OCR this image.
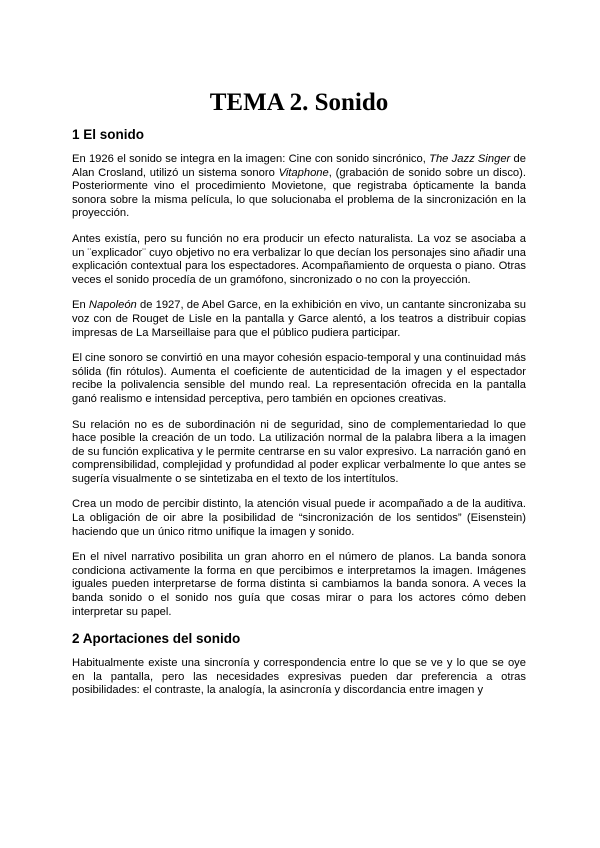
TEMA 2. Sonido
1 El sonido

En 1926 el sonido se integra en la imagen: Cine con sonido sincrónico, The Jazz Singer de Alan Crosland, utilizó un sistema sonoro Vitaphone, (grabación de sonido sobre un disco). Posteriormente vino el procedimiento Movietone, que registraba ópticamente la banda sonora sobre la misma película, lo que solucionaba el problema de la sincronización en la proyección.

Antes existía, pero su función no era producir un efecto naturalista. La voz se asociaba a un ¨explicador¨ cuyo objetivo no era verbalizar lo que decían los personajes sino añadir una explicación contextual para los espectadores. Acompañamiento de orquesta o piano. Otras veces el sonido procedía de un gramófono, sincronizado o no con la proyección.

En Napoleón de 1927, de Abel Garce, en la exhibición en vivo, un cantante sincronizaba su voz con de Rouget de Lisle en la pantalla y Garce alentó, a los teatros a distribuir copias impresas de La Marseillaise para que el público pudiera participar.

El cine sonoro se convirtió en una mayor cohesión espacio-temporal y una continuidad más sólida (fin rótulos). Aumenta el coeficiente de autenticidad de la imagen y el espectador recibe la polivalencia sensible del mundo real. La representación ofrecida en la pantalla ganó realismo e intensidad perceptiva, pero también en opciones creativas.

Su relación no es de subordinación ni de seguridad, sino de complementariedad lo que hace posible la creación de un todo. La utilización normal de la palabra libera a la imagen de su función explicativa y le permite centrarse en su valor expresivo. La narración ganó en comprensibilidad, complejidad y profundidad al poder explicar verbalmente lo que antes se sugería visualmente o se sintetizaba en el texto de los intertítulos.

Crea un modo de percibir distinto, la atención visual puede ir acompañado a de la auditiva. La obligación de oir abre la posibilidad de “sincronización de los sentidos” (Eisenstein) haciendo que un único ritmo unifique la imagen y sonido.

En el nivel narrativo posibilita un gran ahorro en el número de planos. La banda sonora condiciona activamente la forma en que percibimos e interpretamos la imagen. Imágenes iguales pueden interpretarse de forma distinta si cambiamos la banda sonora. A veces la banda sonido o el sonido nos guía que cosas mirar o para los actores cómo deben interpretar su papel.

2 Aportaciones del sonido

Habitualmente existe una sincronía y correspondencia entre lo que se ve y lo que se oye en la pantalla, pero las necesidades expresivas pueden dar preferencia a otras posibilidades: el contraste, la analogía, la asincronía y discordancia entre imagen y
